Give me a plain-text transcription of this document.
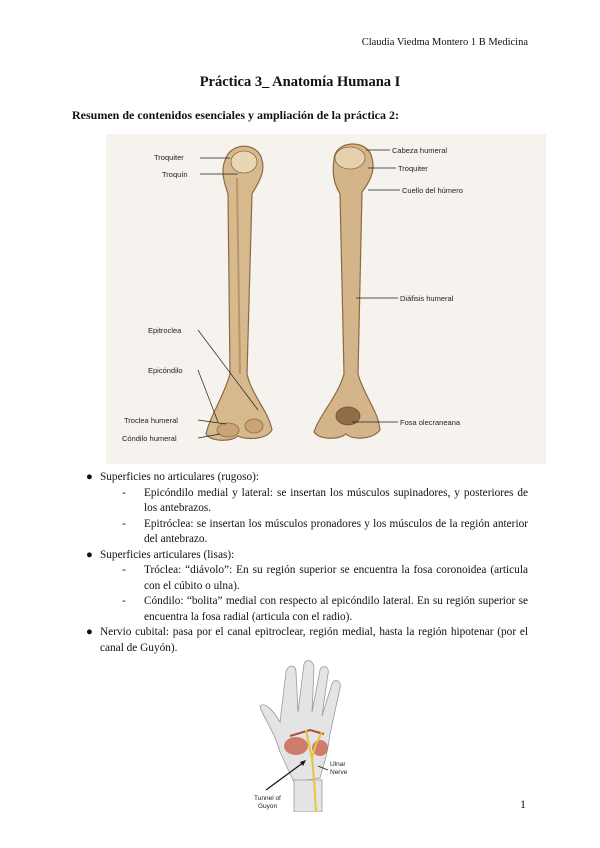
Claudia Viedma Montero 1 B Medicina
Práctica 3_ Anatomía Humana I
Resumen de contenidos esenciales y ampliación de la práctica 2:
Troquiter
Troquín
Epitroclea
Epicóndilo
Troclea humeral
Cóndilo humeral
Cabeza humeral
Troquiter
Cuello del húmero
Diáfisis humeral
Fosa olecraneana
● Superficies no articulares (rugoso):
- Epicóndilo medial y lateral: se insertan los músculos supinadores, y posteriores de los antebrazos.
- Epitróclea: se insertan los músculos pronadores y los músculos de la región anterior del antebrazo.
● Superficies articulares (lisas):
- Tróclea: “diávolo”: En su región superior se encuentra la fosa coronoidea (articula con el cúbito o ulna).
- Cóndilo: “bolita” medial con respecto al epicóndilo lateral. En su región superior se encuentra la fosa radial (articula con el radio).
● Nervio cubital: pasa por el canal epitroclear, región medial, hasta la región hipotenar (por el canal de Guyón).
Ulnar
Nerve
Tunnel of
Guyon	1
